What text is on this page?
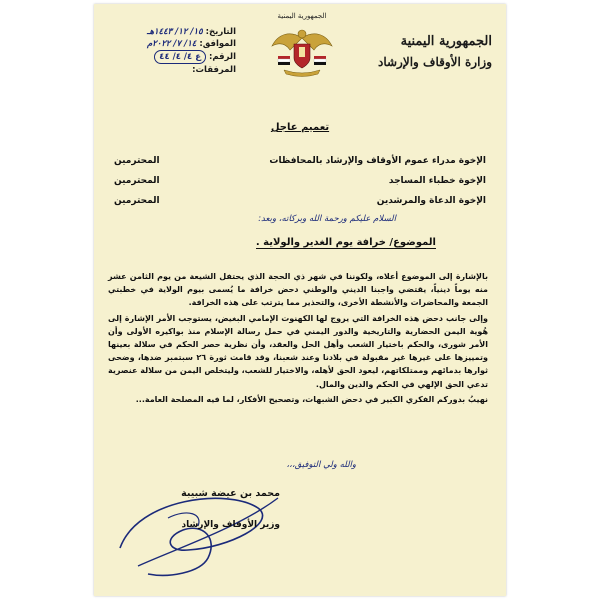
الجمهورية اليمنية
وزارة الأوقاف والإرشاد
الجمهورية اليمنية
التاريخ: ١٥/ ١٢/ ١٤٤٣هـ
الموافق: ١٤/ ٧/ ٢٠٢٢م
الرقم: ع ٤/ ٤/ ٤٤
المرفقات:
تعميم عاجل
الإخوة مدراء عموم الأوقاف والإرشاد بالمحافظات
المحترمين
الإخوة خطباء المساجد
المحترمين
الإخوة الدعاة والمرشدين
المحترمين
السلام عليكم ورحمة الله وبركاته، وبعد:
الموضوع/ خرافة يوم الغدير والولاية .

بالإشارة إلى الموضوع أعلاه، ولكوننا في شهر ذي الحجة الذي يحتفل الشيعة من يوم الثامن عشر منه يوماً دينياً، يقتضي واجبنا الديني والوطني دحض خرافة ما يُسمى بيوم الولاية في خطبتي الجمعة والمحاضرات والأنشطة الأخرى، والتحذير مما يترتب على هذه الخرافة.

وإلى جانب دحض هذه الخرافة التي يروج لها الكهنوت الإمامي البغيض، يستوجب الأمر الإشارة إلى هُوية اليمن الحضارية والتاريخية والدور اليمني في حمل رسالة الإسلام منذ بواكيره الأولى وأن الأمر شورى، والحكم باختيار الشعب وأهل الحل والعقد، وأن نظرية حصر الحكم في سلالة بعينها وتمييزها على غيرها غير مقبولة في بلادنا وعند شعبنا، وقد قامت ثورة ٢٦ سبتمبر ضدها، وضحى ثوارها بدمائهم وممتلكاتهم، ليعود الحق لأهله، والاختيار للشعب، وليتخلص اليمن من سلالة عنصرية تدعي الحق الإلهي في الحكم والدين والمال.

نهيبُ بدوركم الفكري الكبير في دحض الشبهات، وتصحيح الأفكار، لما فيه المصلحة العامة...

والله ولي التوفيق،،،
محمد بن عيضة شبيبة
وزير الأوقاف والإرشاد
